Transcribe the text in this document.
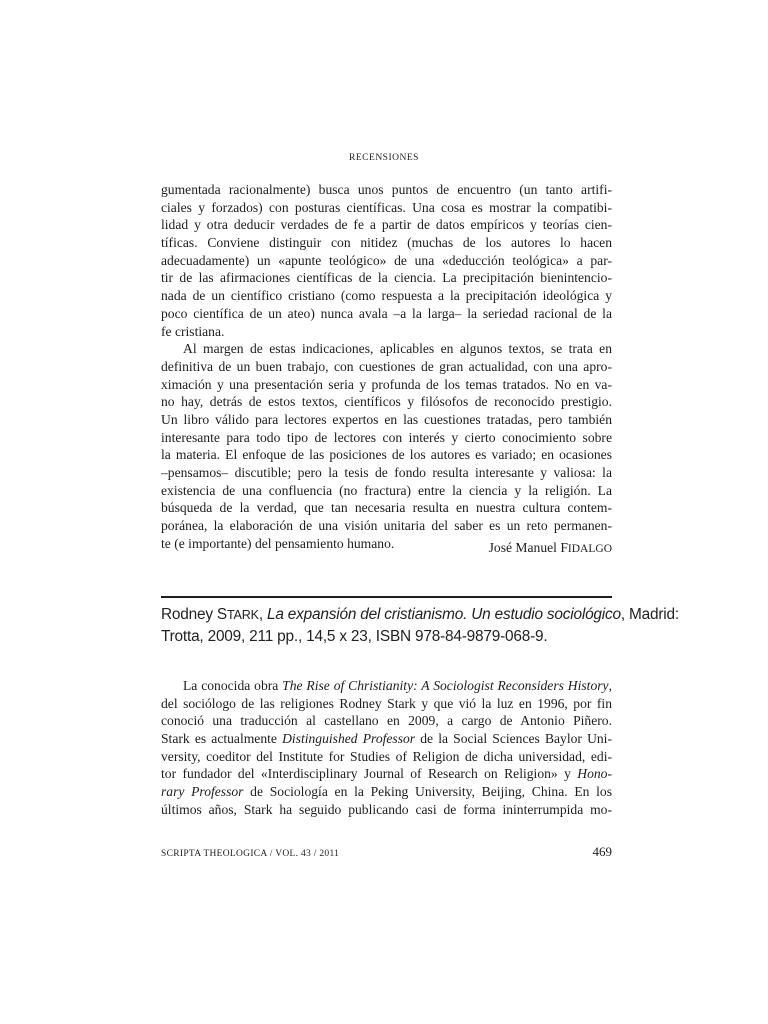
RECENSIONES
gumentada racionalmente) busca unos puntos de encuentro (un tanto artifi-
ciales y forzados) con posturas científicas. Una cosa es mostrar la compatibi-
lidad y otra deducir verdades de fe a partir de datos empíricos y teorías cien-
tíficas. Conviene distinguir con nitidez (muchas de los autores lo hacen
adecuadamente) un «apunte teológico» de una «deducción teológica» a par-
tir de las afirmaciones científicas de la ciencia. La precipitación bienintencio-
nada de un científico cristiano (como respuesta a la precipitación ideológica y
poco científica de un ateo) nunca avala –a la larga– la seriedad racional de la
fe cristiana.
Al margen de estas indicaciones, aplicables en algunos textos, se trata en
definitiva de un buen trabajo, con cuestiones de gran actualidad, con una apro-
ximación y una presentación seria y profunda de los temas tratados. No en va-
no hay, detrás de estos textos, científicos y filósofos de reconocido prestigio.
Un libro válido para lectores expertos en las cuestiones tratadas, pero también
interesante para todo tipo de lectores con interés y cierto conocimiento sobre
la materia. El enfoque de las posiciones de los autores es variado; en ocasiones
–pensamos– discutible; pero la tesis de fondo resulta interesante y valiosa: la
existencia de una confluencia (no fractura) entre la ciencia y la religión. La
búsqueda de la verdad, que tan necesaria resulta en nuestra cultura contem-
poránea, la elaboración de una visión unitaria del saber es un reto permanen-
te (e importante) del pensamiento humano.	José Manuel FIDALGO
Rodney STARK, La expansión del cristianismo. Un estudio sociológico, Madrid:
Trotta, 2009, 211 pp., 14,5 x 23, ISBN 978-84-9879-068-9.
La conocida obra The Rise of Christianity: A Sociologist Reconsiders History,
del sociólogo de las religiones Rodney Stark y que vió la luz en 1996, por fin
conoció una traducción al castellano en 2009, a cargo de Antonio Piñero.
Stark es actualmente Distinguished Professor de la Social Sciences Baylor Uni-
versity, coeditor del Institute for Studies of Religion de dicha universidad, edi-
tor fundador del «Interdisciplinary Journal of Research on Religion» y Hono-
rary Professor de Sociología en la Peking University, Beijing, China. En los
últimos años, Stark ha seguido publicando casi de forma ininterrumpida mo-
SCRIPTA THEOLOGICA / VOL. 43 / 2011	469
